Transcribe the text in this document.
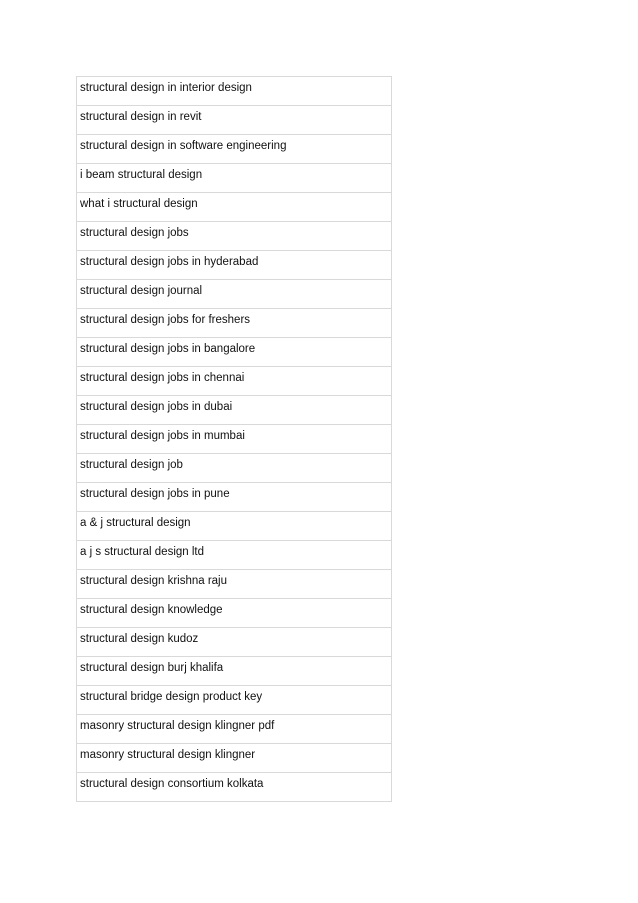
structural design in interior design
structural design in revit
structural design in software engineering
i beam structural design
what i structural design
structural design jobs
structural design jobs in hyderabad
structural design journal
structural design jobs for freshers
structural design jobs in bangalore
structural design jobs in chennai
structural design jobs in dubai
structural design jobs in mumbai
structural design job
structural design jobs in pune
a & j structural design
a j s structural design ltd
structural design krishna raju
structural design knowledge
structural design kudoz
structural design burj khalifa
structural bridge design product key
masonry structural design klingner pdf
masonry structural design klingner
structural design consortium kolkata
